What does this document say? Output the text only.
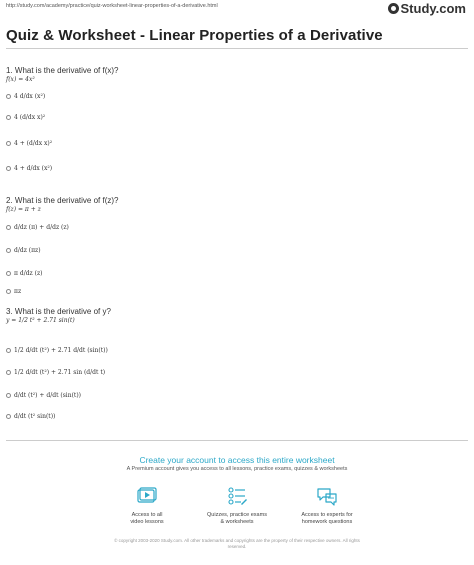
http://study.com/academy/practice/quiz-worksheet-linear-properties-of-a-derivative.html	Study.com
Quiz & Worksheet - Linear Properties of a Derivative
1. What is the derivative of f(x)?
f(x) = 4x²
4 d/dx (x²)
4 (d/dx x)²
4 + (d/dx x)²
4 + d/dx (x²)
2. What is the derivative of f(z)?
f(z) = π + z
d/dz (π) + d/dz (z)
d/dz (πz)
π d/dz (z)
πz
3. What is the derivative of y?
y = 1/2 t² + 2.71 sin(t)
1/2 d/dt (t²) + 2.71 d/dt (sin(t))
1/2 d/dt (t²) + 2.71 sin (d/dt t)
d/dt (t²) + d/dt (sin(t))
d/dt (t² sin(t))
Create your account to access this entire worksheet
A Premium account gives you access to all lessons, practice exams, quizzes & worksheets
Access to all
video lessons
Quizzes, practice exams
& worksheets
Access to experts for
homework questions
© copyright 2003-2020 Study.com. All other trademarks and copyrights are the property of their respective owners. All rights
reserved.
